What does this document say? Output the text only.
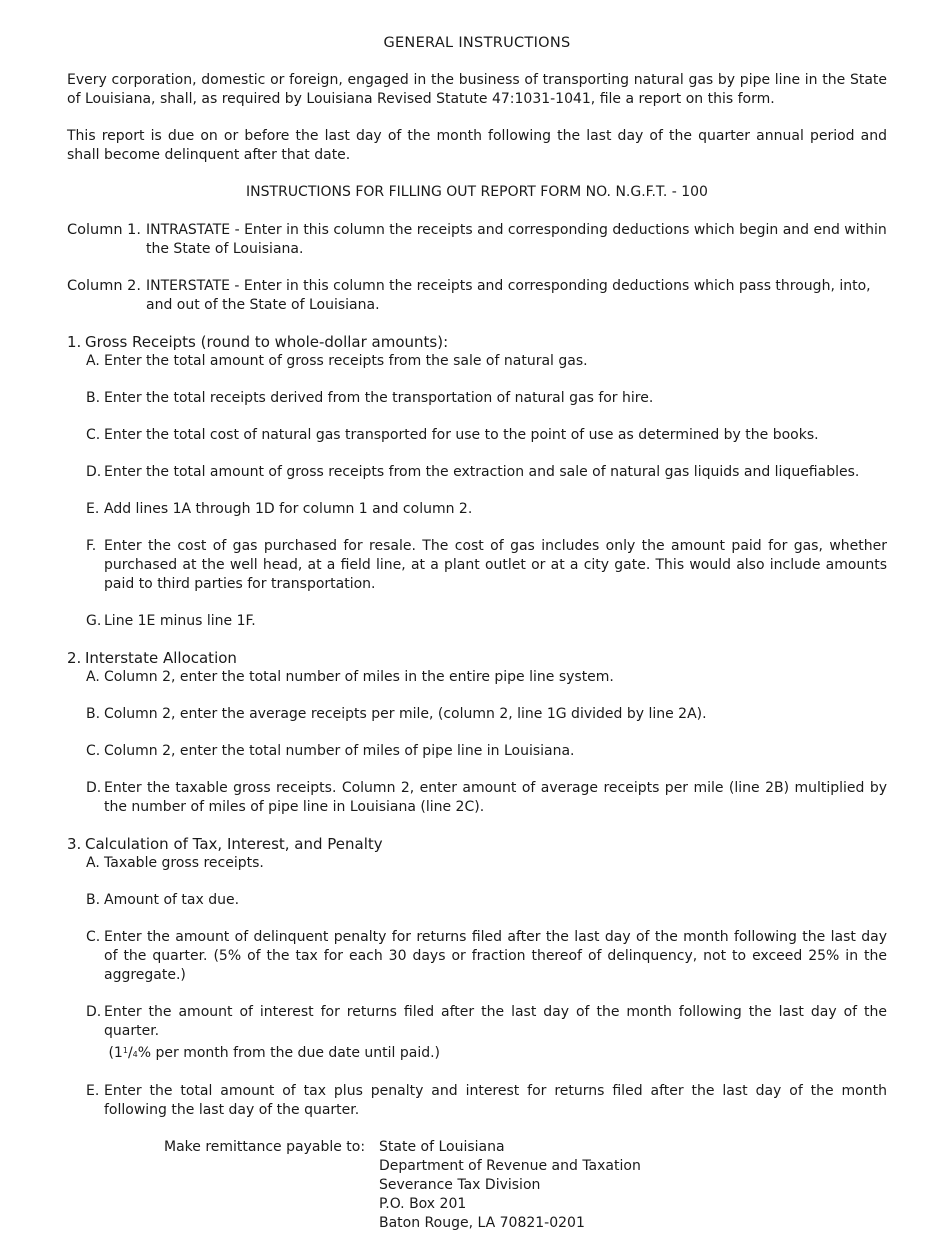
GENERAL INSTRUCTIONS

Every corporation, domestic or foreign, engaged in the business of transporting natural gas by pipe line in the State of Louisiana, shall, as required by Louisiana Revised Statute 47:1031-1041, file a report on this form.

This report is due on or before the last day of the month following the last day of the quarter annual period and shall become delinquent after that date.

INSTRUCTIONS FOR FILLING OUT REPORT FORM NO. N.G.F.T. - 100
Column 1. INTRASTATE - Enter in this column the receipts and corresponding deductions which begin and end within the State of Louisiana.
Column 2. INTERSTATE - Enter in this column the receipts and corresponding deductions which pass through, into, and out of the State of Louisiana.
1. Gross Receipts (round to whole-dollar amounts):
A. Enter the total amount of gross receipts from the sale of natural gas.
B. Enter the total receipts derived from the transportation of natural gas for hire.
C. Enter the total cost of natural gas transported for use to the point of use as determined by the books.
D. Enter the total amount of gross receipts from the extraction and sale of natural gas liquids and liquefiables.
E. Add lines 1A through 1D for column 1 and column 2.
F. Enter the cost of gas purchased for resale. The cost of gas includes only the amount paid for gas, whether purchased at the well head, at a field line, at a plant outlet or at a city gate. This would also include amounts paid to third parties for transportation.
G. Line 1E minus line 1F.
2. Interstate Allocation
A. Column 2, enter the total number of miles in the entire pipe line system.
B. Column 2, enter the average receipts per mile, (column 2, line 1G divided by line 2A).
C. Column 2, enter the total number of miles of pipe line in Louisiana.
D. Enter the taxable gross receipts. Column 2, enter amount of average receipts per mile (line 2B) multiplied by the number of miles of pipe line in Louisiana (line 2C).
3. Calculation of Tax, Interest, and Penalty
A. Taxable gross receipts.
B. Amount of tax due.
C. Enter the amount of delinquent penalty for returns filed after the last day of the month following the last day of the quarter. (5% of the tax for each 30 days or fraction thereof of delinquency, not to exceed 25% in the aggregate.)
D. Enter the amount of interest for returns filed after the last day of the month following the last day of the quarter.
($1^1/4\%$ per month from the due date until paid.)
E. Enter the total amount of tax plus penalty and interest for returns filed after the last day of the month following the last day of the quarter.
Make remittance payable to: State of Louisiana
Department of Revenue and Taxation
Severance Tax Division
P.O. Box 201
Baton Rouge, LA 70821-0201
